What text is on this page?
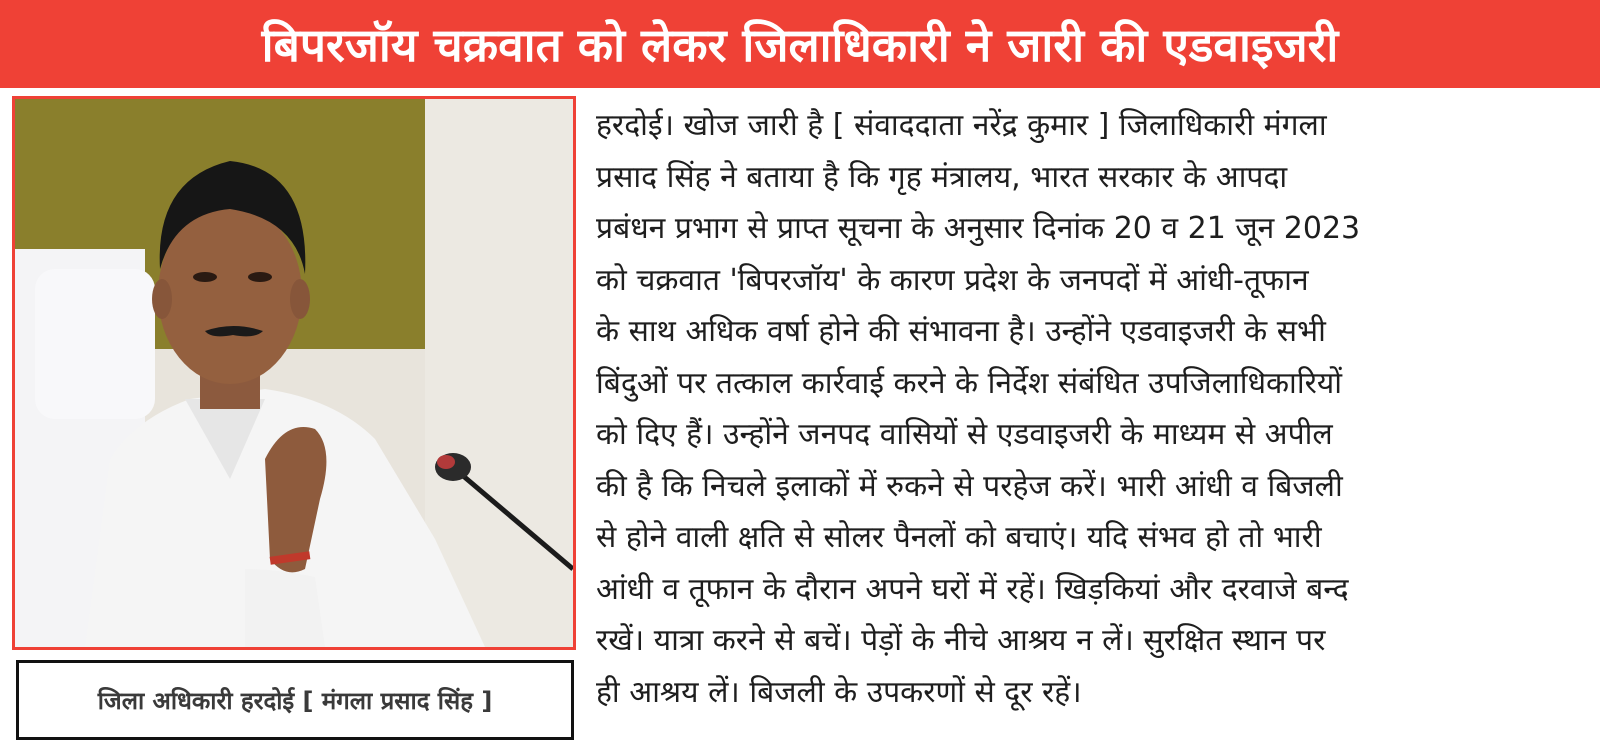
बिपरजॉय चक्रवात को लेकर जिलाधिकारी ने जारी की एडवाइजरी
जिला अधिकारी हरदोई [ मंगला प्रसाद सिंह ]
हरदोई। खोज जारी है [ संवाददाता नरेंद्र कुमार ] जिलाधिकारी मंगला
प्रसाद सिंह ने बताया है कि गृह मंत्रालय, भारत सरकार के आपदा
प्रबंधन प्रभाग से प्राप्त सूचना के अनुसार दिनांक 20 व 21 जून 2023
को चक्रवात 'बिपरजॉय' के कारण प्रदेश के जनपदों में आंधी-तूफान
के साथ अधिक वर्षा होने की संभावना है। उन्होंने एडवाइजरी के सभी
बिंदुओं पर तत्काल कार्रवाई करने के निर्देश संबंधित उपजिलाधिकारियों
को दिए हैं। उन्होंने जनपद वासियों से एडवाइजरी के माध्यम से अपील
की है कि निचले इलाकों में रुकने से परहेज करें। भारी आंधी व बिजली
से होने वाली क्षति से सोलर पैनलों को बचाएं। यदि संभव हो तो भारी
आंधी व तूफान के दौरान अपने घरों में रहें। खिड़कियां और दरवाजे बन्द
रखें। यात्रा करने से बचें। पेड़ों के नीचे आश्रय न लें। सुरक्षित स्थान पर
ही आश्रय लें। बिजली के उपकरणों से दूर रहें।
